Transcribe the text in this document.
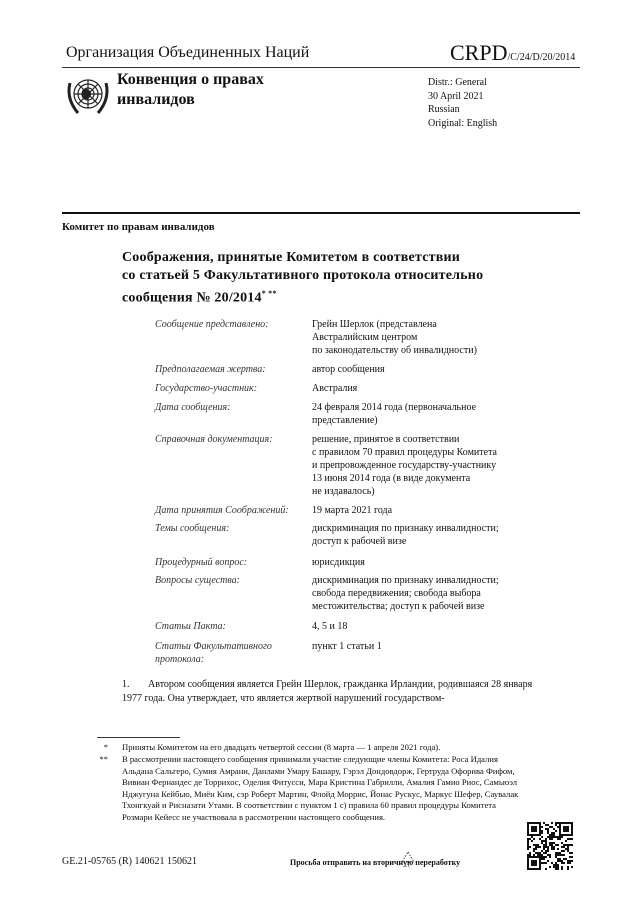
Организация Объединенных Наций	CRPD/C/24/D/20/2014
Конвенция о правах
инвалидов
Distr.: General
30 April 2021
Russian
Original: English
Комитет по правам инвалидов
Соображения, принятые Комитетом в соответствии
со статьей 5 Факультативного протокола относительно
сообщения № 20/2014* **
Сообщение представлено:	Грейн Шерлок (представлена
Австралийским центром
по законодательству об инвалидности)
Предполагаемая жертва:	автор сообщения
Государство-участник:	Австралия
Дата сообщения:	24 февраля 2014 года (первоначальное
представление)
Справочная документация:	решение, принятое в соответствии
с правилом 70 правил процедуры Комитета
и препровожденное государству-участнику
13 июня 2014 года (в виде документа
не издавалось)
Дата принятия Соображений:	19 марта 2021 года
Темы сообщения:	дискриминация по признаку инвалидности;
доступ к рабочей визе
Процедурный вопрос:	юрисдикция
Вопросы существа:	дискриминация по признаку инвалидности;
свобода передвижения; свобода выбора
местожительства; доступ к рабочей визе
Статьи Пакта:	4, 5 и 18
Статьи Факультативного протокола:
пункт 1 статьи 1
1. Автором сообщения является Грейн Шерлок, гражданка Ирландии, родившаяся 28 января 1977 года. Она утверждает, что является жертвой нарушений государством-
* Приняты Комитетом на его двадцать четвертой сессии (8 марта — 1 апреля 2021 года).
** В рассмотрении настоящего сообщения принимали участие следующие члены Комитета: Роса Идалия Альдана Сальгеро, Сумия Амрани, Данлами Умару Башару, Гэрэл Дондовдорж, Гертруда Офорива Фифом, Вивиан Фернандес де Торрихос, Оделия Фитусси, Мара Кристина Габрилли, Амалия Гамио Риос, Самьюэл Нджугуна Кейбью, Миён Ким, сэр Роберт Мартин, Флойд Моррис, Йонас Рускус, Маркус Шефер, Саувалак Тхонгкуай и Рисназати Утами. В соответствии с пунктом 1 c) правила 60 правил процедуры Комитета Розмари Кейесс не участвовала в рассмотрении настоящего сообщения.
GE.21-05765 (R) 140621 150621	Просьба отправить на вторичную переработку
